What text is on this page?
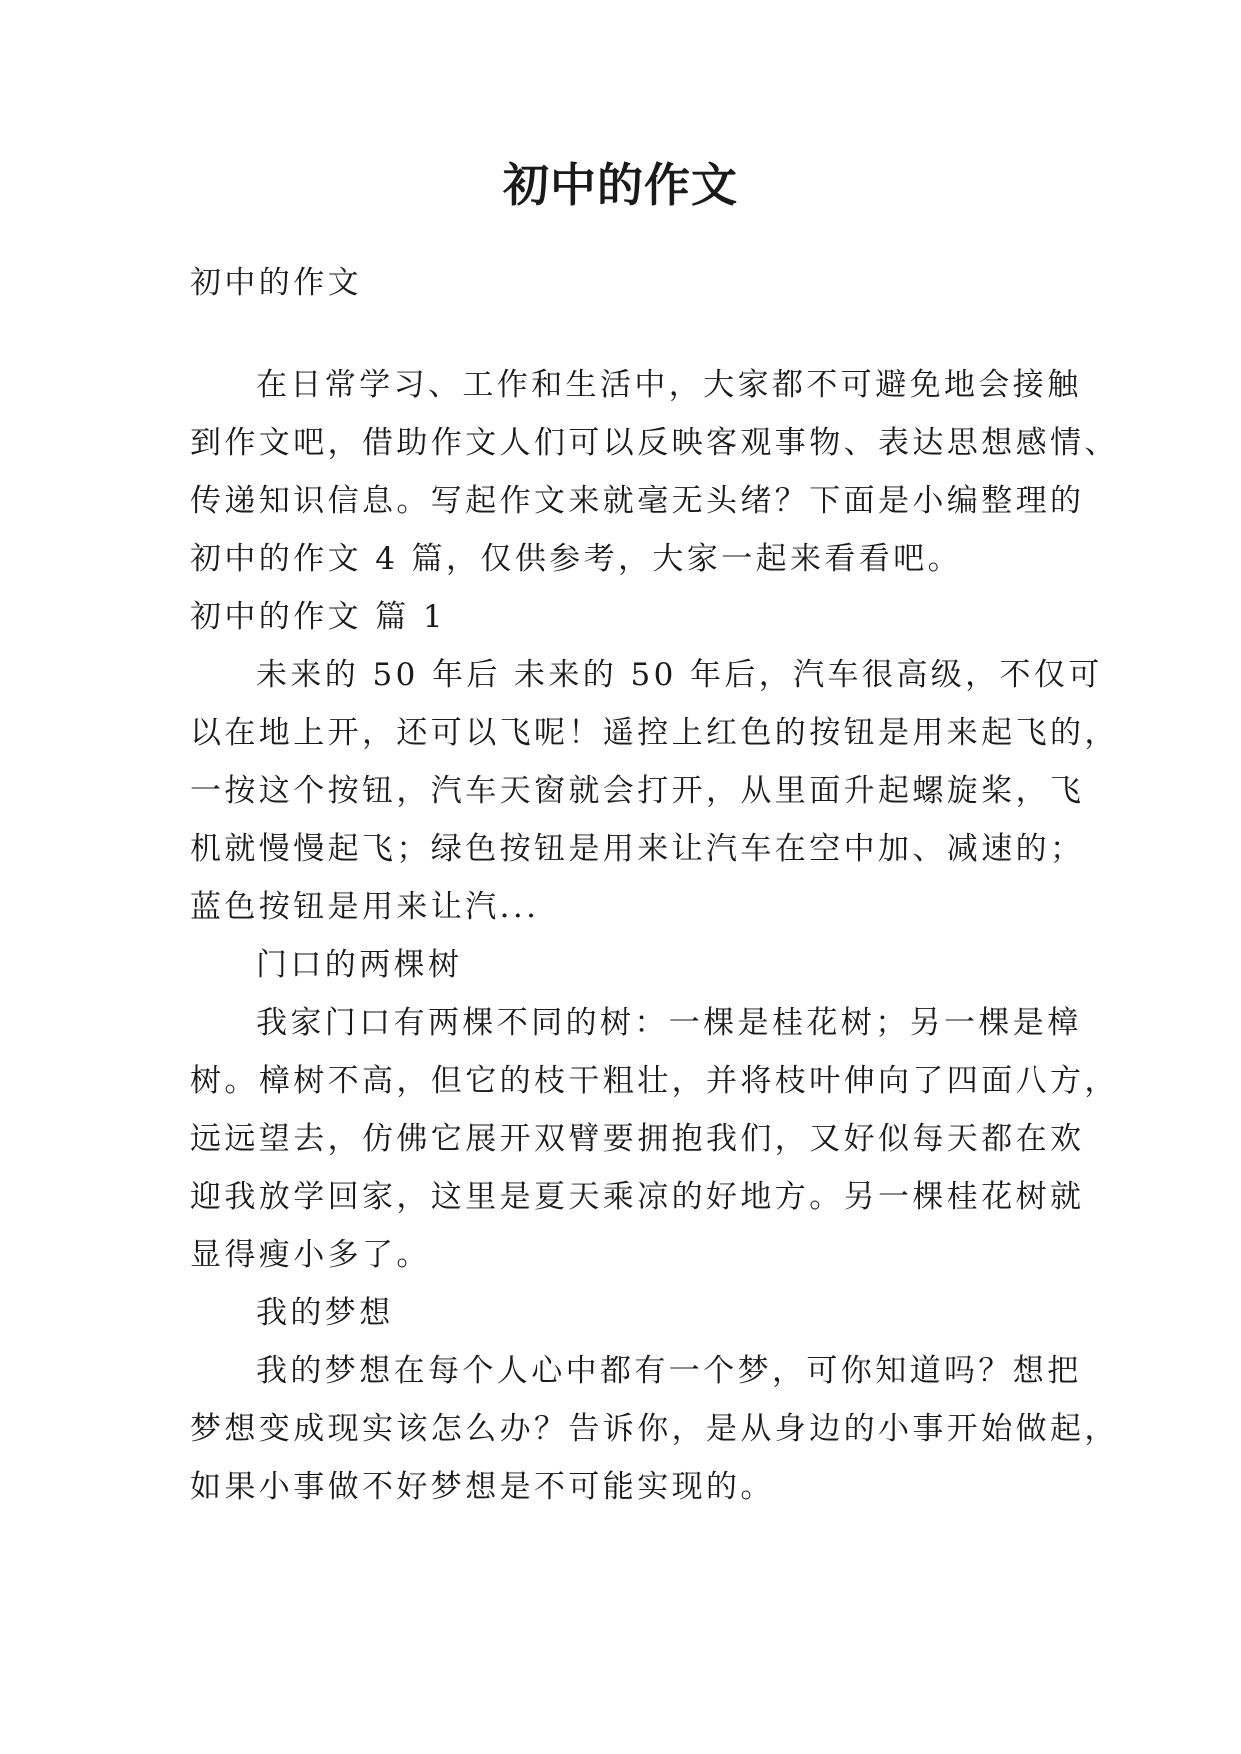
初中的作文
初中的作文
在日常学习、工作和生活中，大家都不可避免地会接触
到作文吧，借助作文人们可以反映客观事物、表达思想感情、
传递知识信息。写起作文来就毫无头绪？下面是小编整理的
初中的作文 4 篇，仅供参考，大家一起来看看吧。
初中的作文 篇 1
未来的 50 年后 未来的 50 年后，汽车很高级，不仅可
以在地上开，还可以飞呢！遥控上红色的按钮是用来起飞的，
一按这个按钮，汽车天窗就会打开，从里面升起螺旋桨，飞
机就慢慢起飞；绿色按钮是用来让汽车在空中加、减速的；
蓝色按钮是用来让汽...
门口的两棵树
我家门口有两棵不同的树：一棵是桂花树；另一棵是樟
树。樟树不高，但它的枝干粗壮，并将枝叶伸向了四面八方，
远远望去，仿佛它展开双臂要拥抱我们，又好似每天都在欢
迎我放学回家，这里是夏天乘凉的好地方。另一棵桂花树就
显得瘦小多了。
我的梦想
我的梦想在每个人心中都有一个梦，可你知道吗？想把
梦想变成现实该怎么办？告诉你，是从身边的小事开始做起，
如果小事做不好梦想是不可能实现的。
